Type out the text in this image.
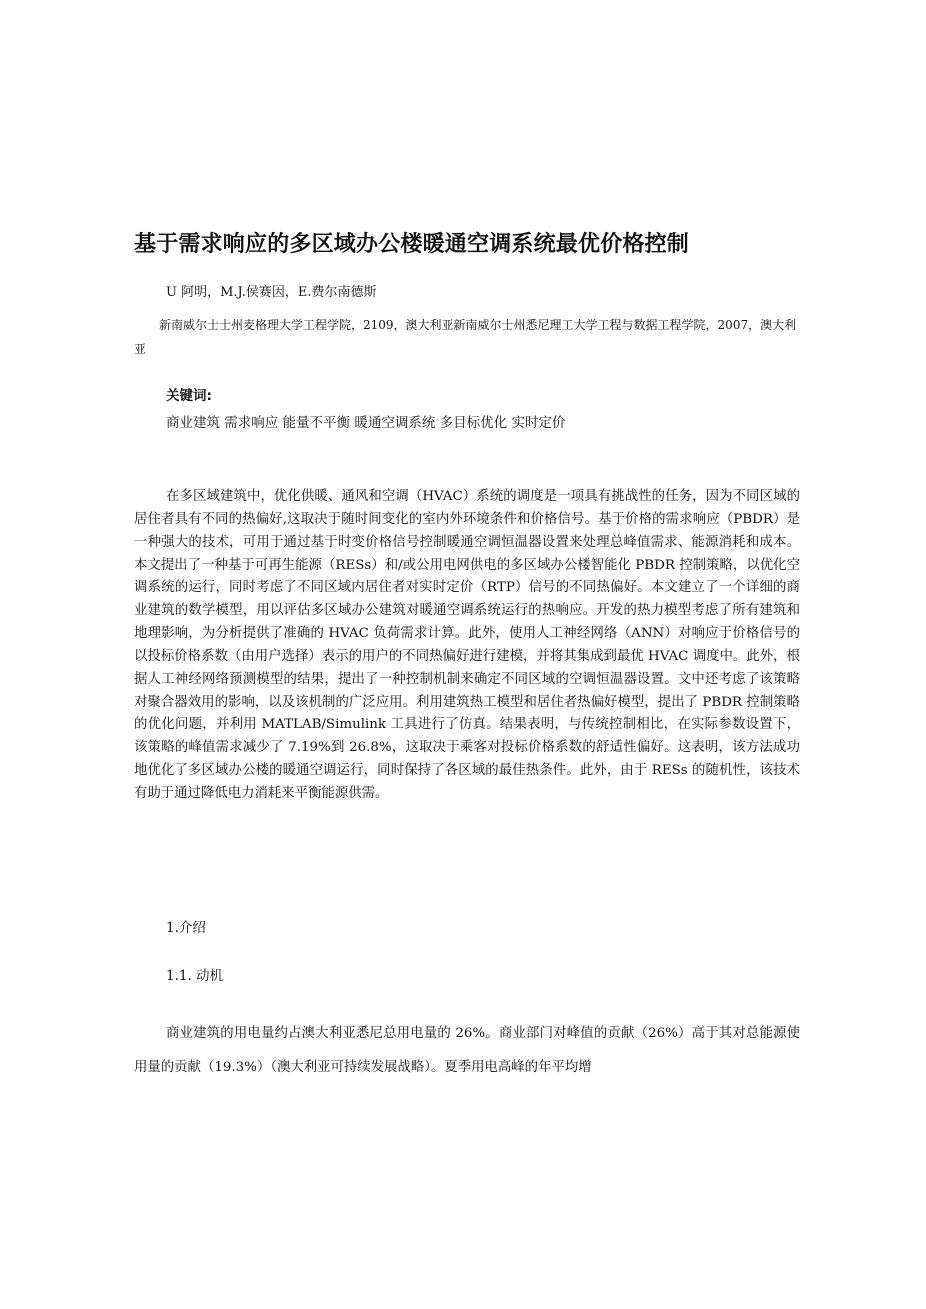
基于需求响应的多区域办公楼暖通空调系统最优价格控制
U 阿明，M.J.侯赛因，E.费尔南德斯
新南威尔士士州麦格理大学工程学院，2109，澳大利亚新南威尔士州悉尼理工大学工程与数据工程学院，2007，澳大利亚
关键词:
商业建筑 需求响应 能量不平衡 暖通空调系统 多目标优化 实时定价

在多区域建筑中，优化供暖、通风和空调（HVAC）系统的调度是一项具有挑战性的任务，因为不同区域的居住者具有不同的热偏好,这取决于随时间变化的室内外环境条件和价格信号。基于价格的需求响应（PBDR）是一种强大的技术，可用于通过基于时变价格信号控制暖通空调恒温器设置来处理总峰值需求、能源消耗和成本。本文提出了一种基于可再生能源（RESs）和/或公用电网供电的多区域办公楼智能化 PBDR 控制策略，以优化空调系统的运行，同时考虑了不同区域内居住者对实时定价（RTP）信号的不同热偏好。本文建立了一个详细的商业建筑的数学模型，用以评估多区域办公建筑对暖通空调系统运行的热响应。开发的热力模型考虑了所有建筑和地理影响，为分析提供了准确的 HVAC 负荷需求计算。此外，使用人工神经网络（ANN）对响应于价格信号的以投标价格系数（由用户选择）表示的用户的不同热偏好进行建模，并将其集成到最优 HVAC 调度中。此外，根据人工神经网络预测模型的结果，提出了一种控制机制来确定不同区域的空调恒温器设置。文中还考虑了该策略对聚合器效用的影响，以及该机制的广泛应用。利用建筑热工模型和居住者热偏好模型，提出了 PBDR 控制策略的优化问题，并利用 MATLAB/Simulink 工具进行了仿真。结果表明，与传统控制相比，在实际参数设置下，该策略的峰值需求减少了 7.19%到 26.8%，这取决于乘客对投标价格系数的舒适性偏好。这表明，该方法成功地优化了多区域办公楼的暖通空调运行，同时保持了各区域的最佳热条件。此外，由于 RESs 的随机性，该技术有助于通过降低电力消耗来平衡能源供需。

1.介绍
1.1. 动机

商业建筑的用电量约占澳大利亚悉尼总用电量的 26%。商业部门对峰值的贡献（26%）高于其对总能源使用量的贡献（19.3%）（澳大利亚可持续发展战略）。夏季用电高峰的年平均增
